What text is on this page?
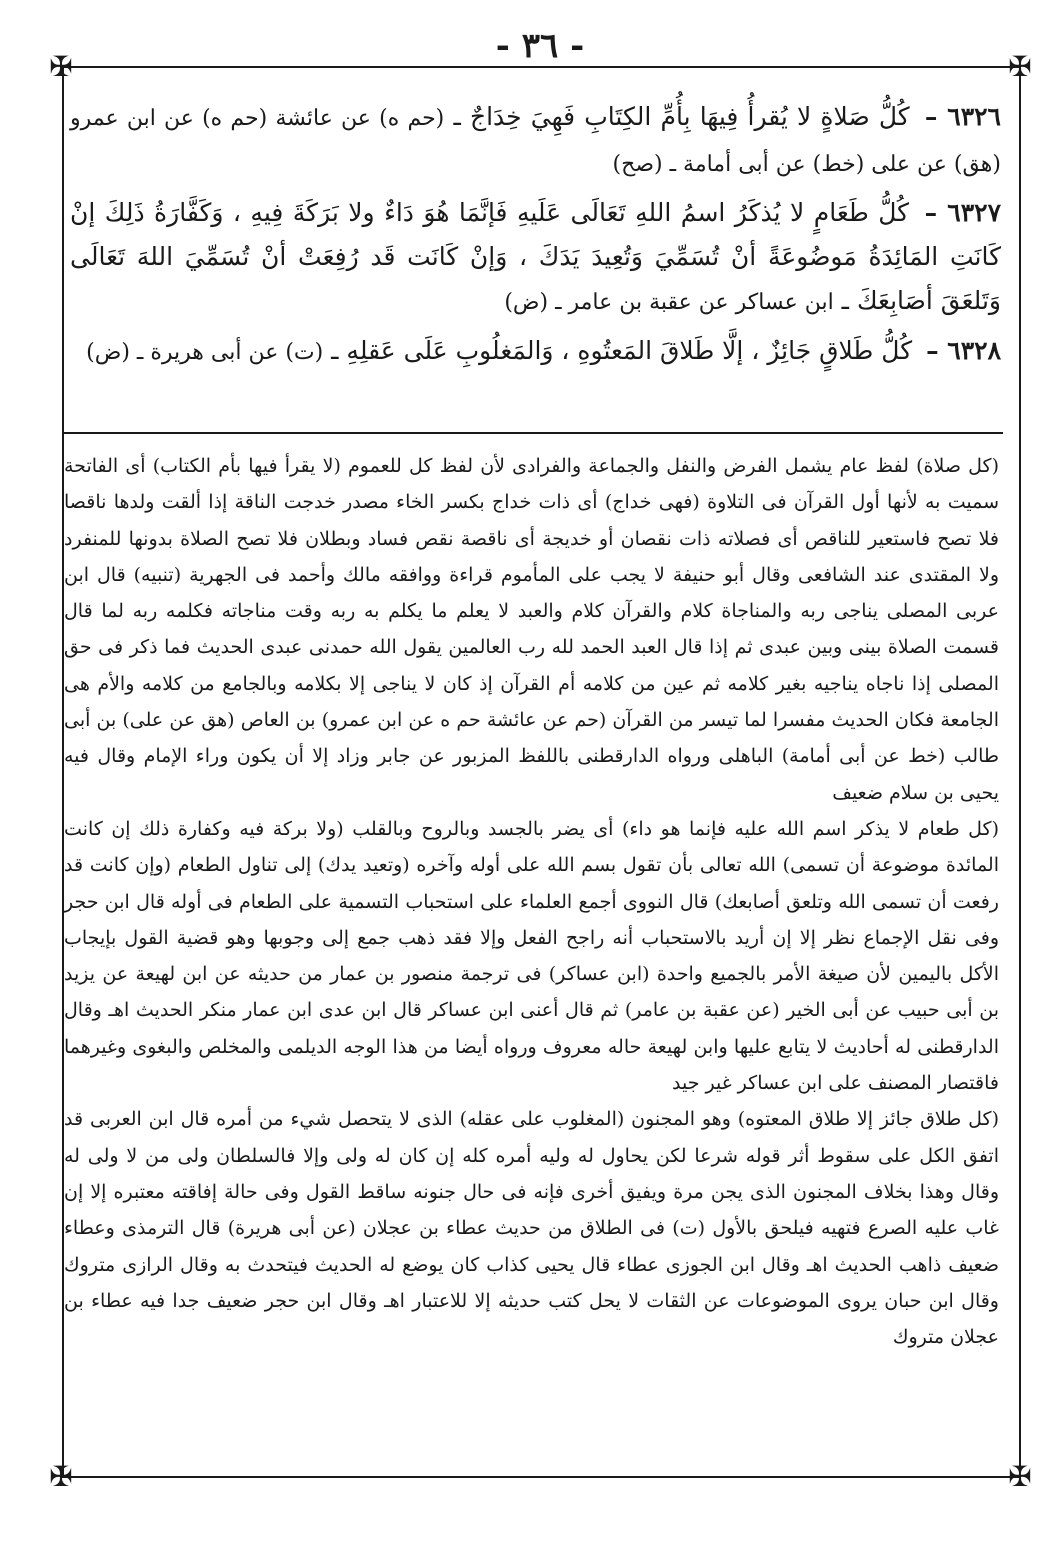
- ٣٦ -
✠	✠
✠	✠

٦٣٢٦ – كُلُّ صَلاةٍ لا يُقرأُ فِيهَا بِأُمِّ الكِتَابِ فَهِيَ خِدَاجٌ ـ (حم ه) عن عائشة (حم ه) عن ابن عمرو (هق) عن على (خط) عن أبى أمامة ـ (صح)

٦٣٢٧ – كُلُّ طَعَامٍ لا يُذكَرُ اسمُ اللهِ تَعَالَى عَلَيهِ فَإنَّمَا هُوَ دَاءٌ ولا بَرَكَةَ فِيهِ ، وَكَفَّارَةُ ذَلِكَ إنْ كَانَتِ المَائِدَةُ مَوضُوعَةً أنْ تُسَمِّيَ وَتُعِيدَ يَدَكَ ، وَإنْ كَانَت قَد رُفِعَتْ أنْ تُسَمِّيَ اللهَ تَعَالَى وَتَلعَقَ أصَابِعَكَ ـ ابن عساكر عن عقبة بن عامر ـ (ض)

٦٣٢٨ – كُلُّ طَلاقٍ جَائِزٌ ، إلَّا طَلاقَ المَعتُوهِ ، وَالمَغلُوبِ عَلَى عَقلِهِ ـ (ت) عن أبى هريرة ـ (ض)

(كل صلاة) لفظ عام يشمل الفرض والنفل والجماعة والفرادى لأن لفظ كل للعموم (لا يقرأ فيها بأم الكتاب) أى الفاتحة سميت به لأنها أول القرآن فى التلاوة (فهى خداج) أى ذات خداج بكسر الخاء مصدر خدجت الناقة إذا ألقت ولدها ناقصا فلا تصح فاستعير للناقص أى فصلاته ذات نقصان أو خديجة أى ناقصة نقص فساد وبطلان فلا تصح الصلاة بدونها للمنفرد ولا المقتدى عند الشافعى وقال أبو حنيفة لا يجب على المأموم قراءة ووافقه مالك وأحمد فى الجهرية (تنبيه) قال ابن عربى المصلى يناجى ربه والمناجاة كلام والقرآن كلام والعبد لا يعلم ما يكلم به ربه وقت مناجاته فكلمه ربه لما قال قسمت الصلاة بينى وبين عبدى ثم إذا قال العبد الحمد لله رب العالمين يقول الله حمدنى عبدى الحديث فما ذكر فى حق المصلى إذا ناجاه يناجيه بغير كلامه ثم عين من كلامه أم القرآن إذ كان لا يناجى إلا بكلامه وبالجامع من كلامه والأم هى الجامعة فكان الحديث مفسرا لما تيسر من القرآن (حم عن عائشة حم ه عن ابن عمرو) بن العاص (هق عن على) بن أبى طالب (خط عن أبى أمامة) الباهلى ورواه الدارقطنى باللفظ المزبور عن جابر وزاد إلا أن يكون وراء الإمام وقال فيه يحيى بن سلام ضعيف

(كل طعام لا يذكر اسم الله عليه فإنما هو داء) أى يضر بالجسد وبالروح وبالقلب (ولا بركة فيه وكفارة ذلك إن كانت المائدة موضوعة أن تسمى) الله تعالى بأن تقول بسم الله على أوله وآخره (وتعيد يدك) إلى تناول الطعام (وإن كانت قد رفعت أن تسمى الله وتلعق أصابعك) قال النووى أجمع العلماء على استحباب التسمية على الطعام فى أوله قال ابن حجر وفى نقل الإجماع نظر إلا إن أريد بالاستحباب أنه راجح الفعل وإلا فقد ذهب جمع إلى وجوبها وهو قضية القول بإيجاب الأكل باليمين لأن صيغة الأمر بالجميع واحدة (ابن عساكر) فى ترجمة منصور بن عمار من حديثه عن ابن لهيعة عن يزيد بن أبى حبيب عن أبى الخير (عن عقبة بن عامر) ثم قال أعنى ابن عساكر قال ابن عدى ابن عمار منكر الحديث اهـ وقال الدارقطنى له أحاديث لا يتابع عليها وابن لهيعة حاله معروف ورواه أيضا من هذا الوجه الديلمى والمخلص والبغوى وغيرهما فاقتصار المصنف على ابن عساكر غير جيد

(كل طلاق جائز إلا طلاق المعتوه) وهو المجنون (المغلوب على عقله) الذى لا يتحصل شيء من أمره قال ابن العربى قد اتفق الكل على سقوط أثر قوله شرعا لكن يحاول له وليه أمره كله إن كان له ولى وإلا فالسلطان ولى من لا ولى له وقال وهذا بخلاف المجنون الذى يجن مرة ويفيق أخرى فإنه فى حال جنونه ساقط القول وفى حالة إفاقته معتبره إلا إن غاب عليه الصرع فتهيه فيلحق بالأول (ت) فى الطلاق من حديث عطاء بن عجلان (عن أبى هريرة) قال الترمذى وعطاء ضعيف ذاهب الحديث اهـ وقال ابن الجوزى عطاء قال يحيى كذاب كان يوضع له الحديث فيتحدث به وقال الرازى متروك وقال ابن حبان يروى الموضوعات عن الثقات لا يحل كتب حديثه إلا للاعتبار اهـ وقال ابن حجر ضعيف جدا فيه عطاء بن عجلان متروك
